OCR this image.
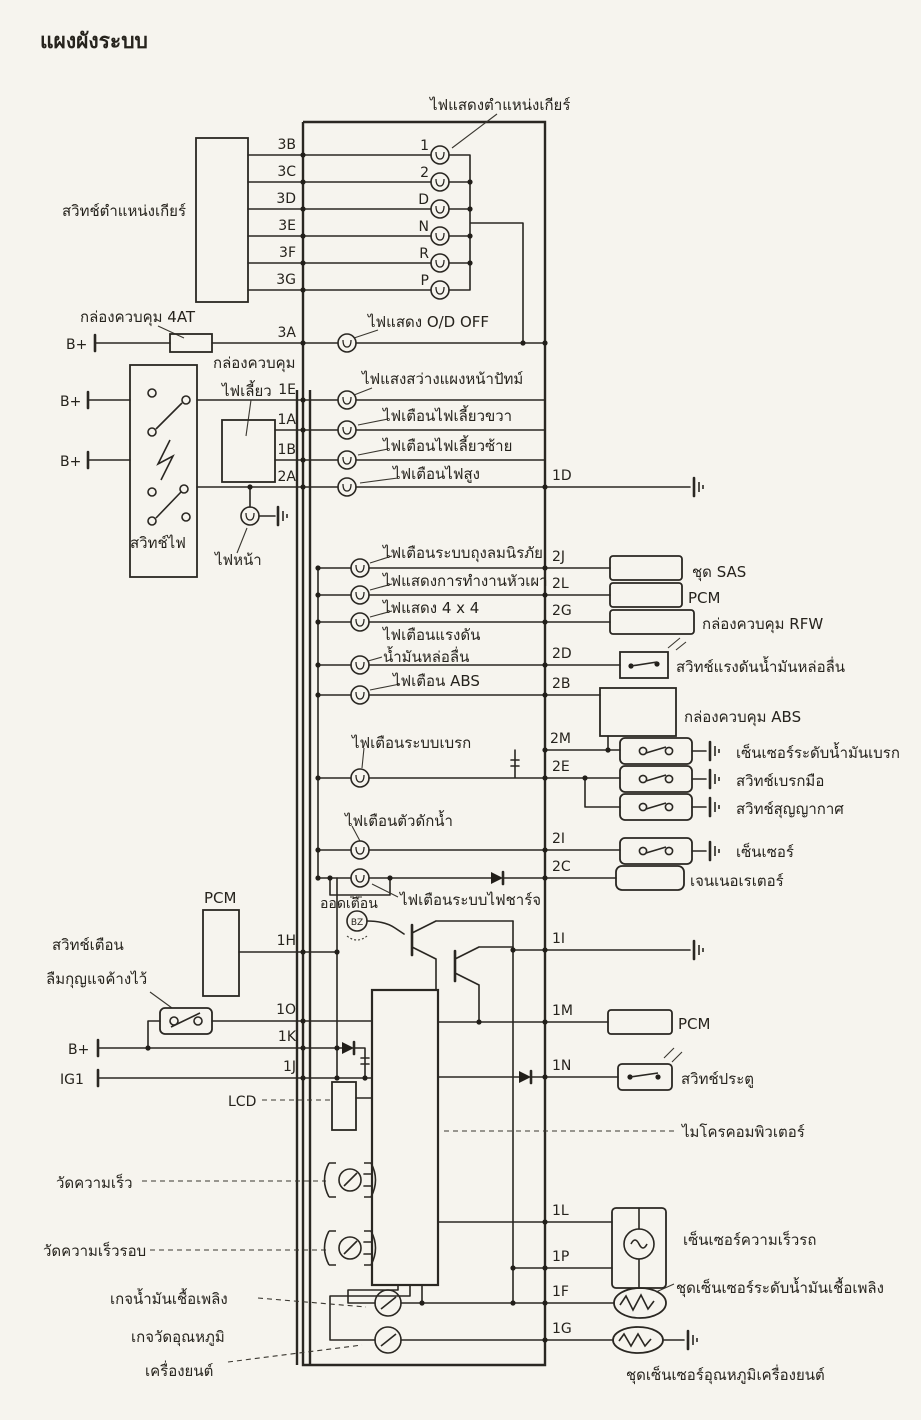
แผงผังระบบ
ไฟแสดงตำแหน่งเกียร์
สวิทช์ตำแหน่งเกียร์
3B
3C
3D
3E
3F
3G
1
2
D
N
R
P
กล่องควบคุม 4AT
B+
3A
ไฟแสดง O/D OFF
กล่องควบคุม
ไฟเลี้ยว
B+
B+
1E
1A
1B
2A	1D
ไฟแสงสว่างแผงหน้าปัทม์
ไฟเตือนไฟเลี้ยวขวา
ไฟเตือนไฟเลี้ยวซ้าย
ไฟเตือนไฟสูง
สวิทช์ไฟ
ไฟหน้า	ไฟเตือนระบบถุงลมนิรภัย
ไฟแสดงการทำงานหัวเผา
ไฟแสดง 4 x 4
ไฟเตือนแรงดัน
น้ำมันหล่อลื่น
ไฟเตือน ABS
ไฟเตือนระบบเบรก
ไฟเตือนตัวดักน้ำ
ไฟเตือนระบบไฟชาร์จ
ออดเตือน
BZ
2J
2L
2G
2D
2B
2M
2E
2I
2C
1I
1M
1N
1L
1P
1F
1G
ชุด SAS
PCM
กล่องควบคุม RFW
สวิทช์แรงดันน้ำมันหล่อลื่น
กล่องควบคุม ABS
เซ็นเซอร์ระดับน้ำมันเบรก
สวิทช์เบรกมือ
สวิทช์สุญญากาศ
เซ็นเซอร์
เจนเนอเรเตอร์
PCM
สวิทช์เตือน
ลืมกุญแจค้างไว้
1H
1O
1K
1J
B+
IG1
PCM
สวิทช์ประตู
LCD
ไมโครคอมพิวเตอร์
วัดความเร็ว
วัดความเร็วรอบ
เซ็นเซอร์ความเร็วรถ
ชุดเซ็นเซอร์ระดับน้ำมันเชื้อเพลิง
ชุดเซ็นเซอร์อุณหภูมิเครื่องยนต์
เกจน้ำมันเชื้อเพลิง
เกจวัดอุณหภูมิ
เครื่องยนต์
